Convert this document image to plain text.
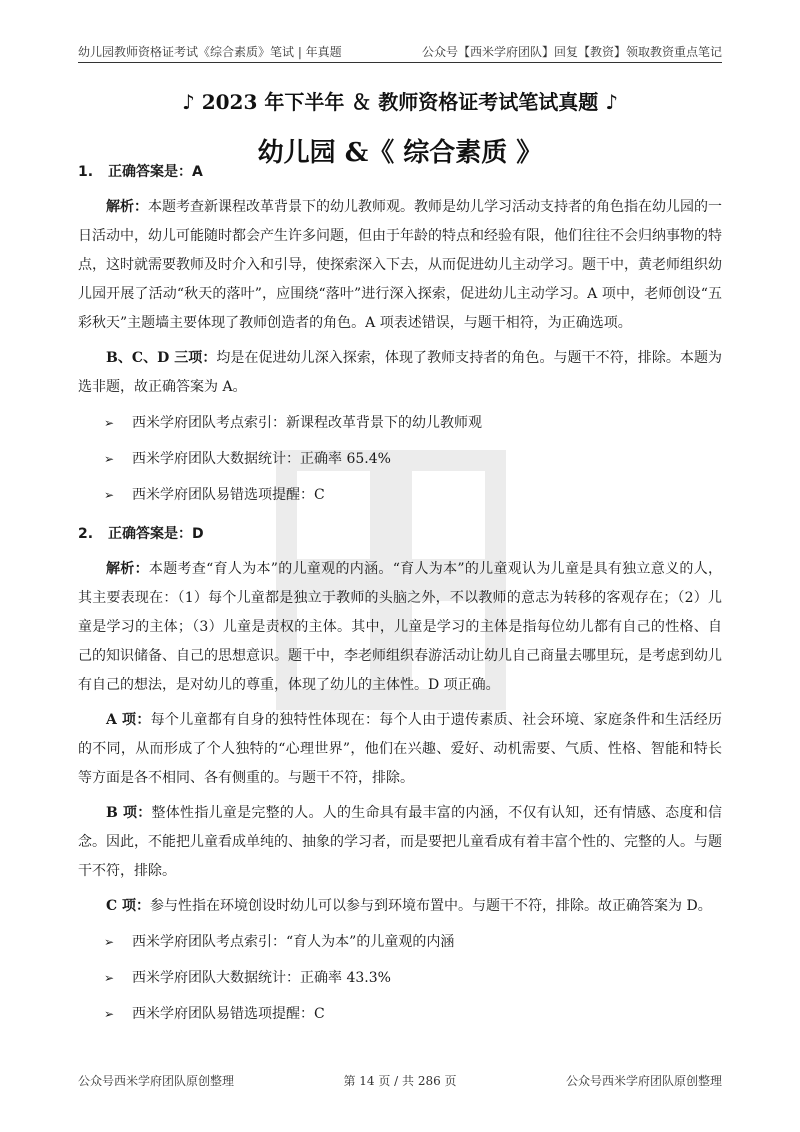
幼儿园教师资格证考试《综合素质》笔试 | 年真题	公众号【西米学府团队】回复【教资】领取教资重点笔记
♪ 2023 年下半年 ＆ 教师资格证考试笔试真题 ♪
幼儿园 &《 综合素质 》
1. 正确答案是：A

解析：本题考查新课程改革背景下的幼儿教师观。教师是幼儿学习活动支持者的角色指在幼儿园的一日活动中，幼儿可能随时都会产生许多问题，但由于年龄的特点和经验有限，他们往往不会归纳事物的特点，这时就需要教师及时介入和引导，使探索深入下去，从而促进幼儿主动学习。题干中，黄老师组织幼儿园开展了活动“秋天的落叶”，应围绕“落叶”进行深入探索，促进幼儿主动学习。A 项中，老师创设“五彩秋天”主题墙主要体现了教师创造者的角色。A 项表述错误，与题干相符，为正确选项。

B、C、D 三项：均是在促进幼儿深入探索，体现了教师支持者的角色。与题干不符，排除。本题为选非题，故正确答案为 A。

➢ 西米学府团队考点索引：新课程改革背景下的幼儿教师观
➢ 西米学府团队大数据统计：正确率 65.4%
➢ 西米学府团队易错选项提醒：C
2. 正确答案是：D

解析：本题考查“育人为本”的儿童观的内涵。“育人为本”的儿童观认为儿童是具有独立意义的人，其主要表现在：（1）每个儿童都是独立于教师的头脑之外，不以教师的意志为转移的客观存在；（2）儿童是学习的主体；（3）儿童是责权的主体。其中，儿童是学习的主体是指每位幼儿都有自己的性格、自己的知识储备、自己的思想意识。题干中，李老师组织春游活动让幼儿自己商量去哪里玩，是考虑到幼儿有自己的想法，是对幼儿的尊重，体现了幼儿的主体性。D 项正确。

A 项：每个儿童都有自身的独特性体现在：每个人由于遗传素质、社会环境、家庭条件和生活经历的不同，从而形成了个人独特的“心理世界”，他们在兴趣、爱好、动机需要、气质、性格、智能和特长等方面是各不相同、各有侧重的。与题干不符，排除。

B 项：整体性指儿童是完整的人。人的生命具有最丰富的内涵，不仅有认知，还有情感、态度和信念。因此，不能把儿童看成单纯的、抽象的学习者，而是要把儿童看成有着丰富个性的、完整的人。与题干不符，排除。

C 项：参与性指在环境创设时幼儿可以参与到环境布置中。与题干不符，排除。故正确答案为 D。

➢ 西米学府团队考点索引：“育人为本”的儿童观的内涵
➢ 西米学府团队大数据统计：正确率 43.3%
➢ 西米学府团队易错选项提醒：C
公众号西米学府团队原创整理	第 14 页 / 共 286 页	公众号西米学府团队原创整理
